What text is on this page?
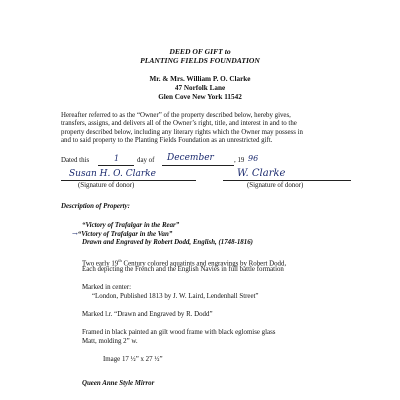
DEED OF GIFT to
PLANTING FIELDS FOUNDATION
Mr. & Mrs. William P. O. Clarke
47 Norfolk Lane
Glen Cove New York 11542
Hereafter referred to as the “Owner” of the property described below, hereby gives,
transfers, assigns, and delivers all of the Owner’s right, title, and interest in and to the
property described below, including any literary rights which the Owner may possess in
and to said property to the Planting Fields Foundation as an unrestricted gift.
Dated this	1	day of December	, 19 96
Susan H. O. Clarke	W. Clarke
(Signature of donor)	(Signature of donor)
Description of Property:
“Victory of Trafalgar in the Rear”
→“Victory of Trafalgar in the Van”
Drawn and Engraved by Robert Dodd, English, (1748-1816)
Two early 19th Century colored aquatints and engravings by Robert Dodd,
Each depicting the French and the English Navies in full battle formation
Marked in center:
“London, Published 1813 by J. W. Laird, Lendenhall Street”
Marked l.r. “Drawn and Engraved by R. Dodd”
Framed in black painted an gilt wood frame with black eglomise glass
Matt, molding 2” w.
Image 17 ½” x 27 ½”
Queen Anne Style Mirror
